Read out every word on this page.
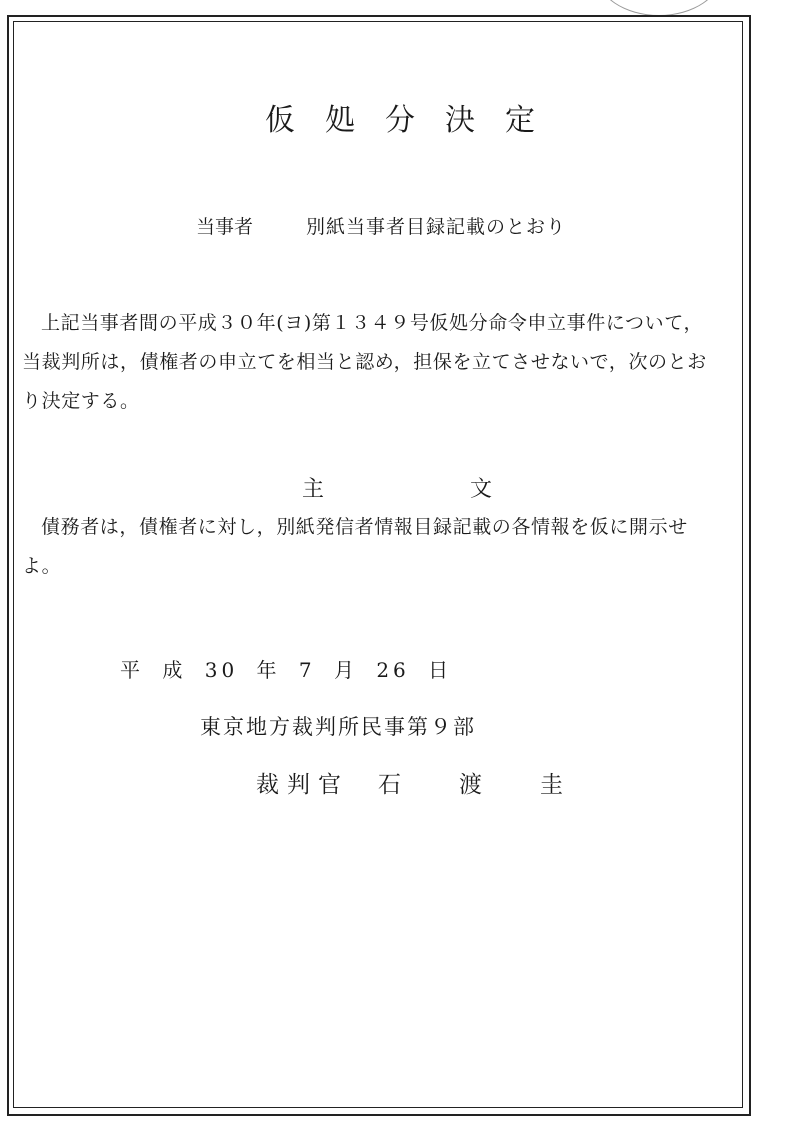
仮処分決定
当事者	別紙当事者目録記載のとおり

上記当事者間の平成３０年(ヨ)第１３４９号仮処分命令申立事件について，当裁判所は，債権者の申立てを相当と認め，担保を立てさせないで，次のとおり決定する。

主	文

債務者は，債権者に対し，別紙発信者情報目録記載の各情報を仮に開示せよ。

平 成 30 年 7 月 26 日
東京地方裁判所民事第９部
裁判官 石渡圭
